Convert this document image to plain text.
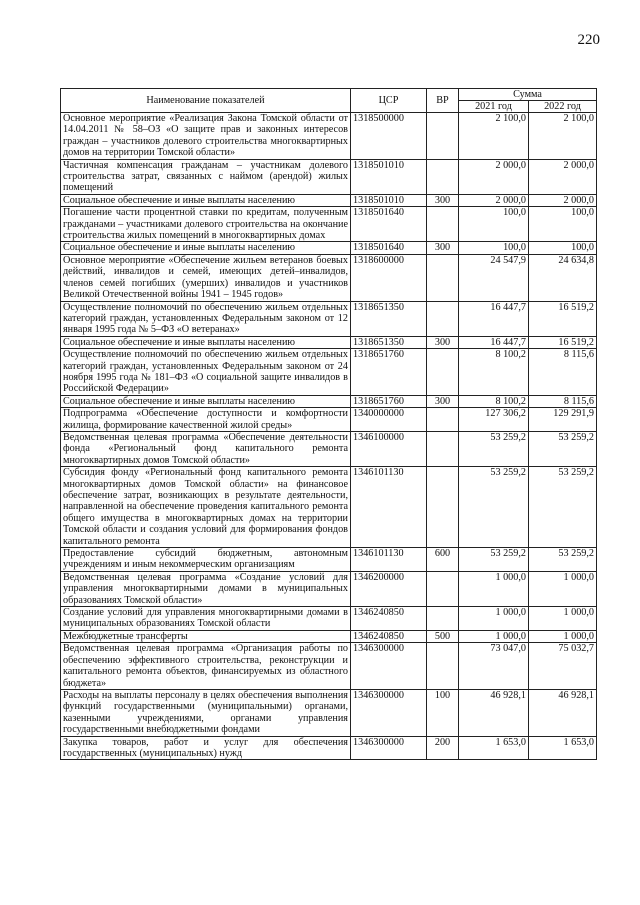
220
Наименование показателей	ЦСР	ВР	Сумма	
			2021 год	2022 год
Основное мероприятие «Реализация Закона Томской области от 14.04.2011 № 58–ОЗ «О защите прав и законных интересов граждан – участников долевого строительства многоквартирных домов на территории Томской области»	1318500000		2 100,0	2 100,0
Частичная компенсация гражданам – участникам долевого строительства затрат, связанных с наймом (арендой) жилых помещений	1318501010		2 000,0	2 000,0
Социальное обеспечение и иные выплаты населению	1318501010	300	2 000,0	2 000,0
Погашение части процентной ставки по кредитам, полученным гражданами – участниками долевого строительства на окончание строительства жилых помещений в многоквартирных домах	1318501640		100,0	100,0
Социальное обеспечение и иные выплаты населению	1318501640	300	100,0	100,0
Основное мероприятие «Обеспечение жильем ветеранов боевых действий, инвалидов и семей, имеющих детей–инвалидов, членов семей погибших (умерших) инвалидов и участников Великой Отечественной войны 1941 – 1945 годов»	1318600000		24 547,9	24 634,8
Осуществление полномочий по обеспечению жильем отдельных категорий граждан, установленных Федеральным законом от 12 января 1995 года № 5–ФЗ «О ветеранах»	1318651350		16 447,7	16 519,2
Социальное обеспечение и иные выплаты населению	1318651350	300	16 447,7	16 519,2
Осуществление полномочий по обеспечению жильем отдельных категорий граждан, установленных Федеральным законом от 24 ноября 1995 года № 181–ФЗ «О социальной защите инвалидов в Российской Федерации»	1318651760		8 100,2	8 115,6
Социальное обеспечение и иные выплаты населению	1318651760	300	8 100,2	8 115,6
Подпрограмма «Обеспечение доступности и комфортности жилища, формирование качественной жилой среды»	1340000000		127 306,2	129 291,9
Ведомственная целевая программа «Обеспечение деятельности фонда «Региональный фонд капитального ремонта многоквартирных домов Томской области»	1346100000		53 259,2	53 259,2
Субсидия фонду «Региональный фонд капитального ремонта многоквартирных домов Томской области» на финансовое обеспечение затрат, возникающих в результате деятельности, направленной на обеспечение проведения капитального ремонта общего имущества в многоквартирных домах на территории Томской области и создания условий для формирования фондов капитального ремонта	1346101130		53 259,2	53 259,2
Предоставление субсидий бюджетным, автономным учреждениям и иным некоммерческим организациям	1346101130	600	53 259,2	53 259,2
Ведомственная целевая программа «Создание условий для управления многоквартирными домами в муниципальных образованиях Томской области»	1346200000		1 000,0	1 000,0
Создание условий для управления многоквартирными домами в муниципальных образованиях Томской области	1346240850		1 000,0	1 000,0
Межбюджетные трансферты	1346240850	500	1 000,0	1 000,0
Ведомственная целевая программа «Организация работы по обеспечению эффективного строительства, реконструкции и капитального ремонта объектов, финансируемых из областного бюджета»	1346300000		73 047,0	75 032,7
Расходы на выплаты персоналу в целях обеспечения выполнения функций государственными (муниципальными) органами, казенными учреждениями, органами управления государственными внебюджетными фондами	1346300000	100	46 928,1	46 928,1
Закупка товаров, работ и услуг для обеспечения государственных (муниципальных) нужд	1346300000	200	1 653,0	1 653,0
